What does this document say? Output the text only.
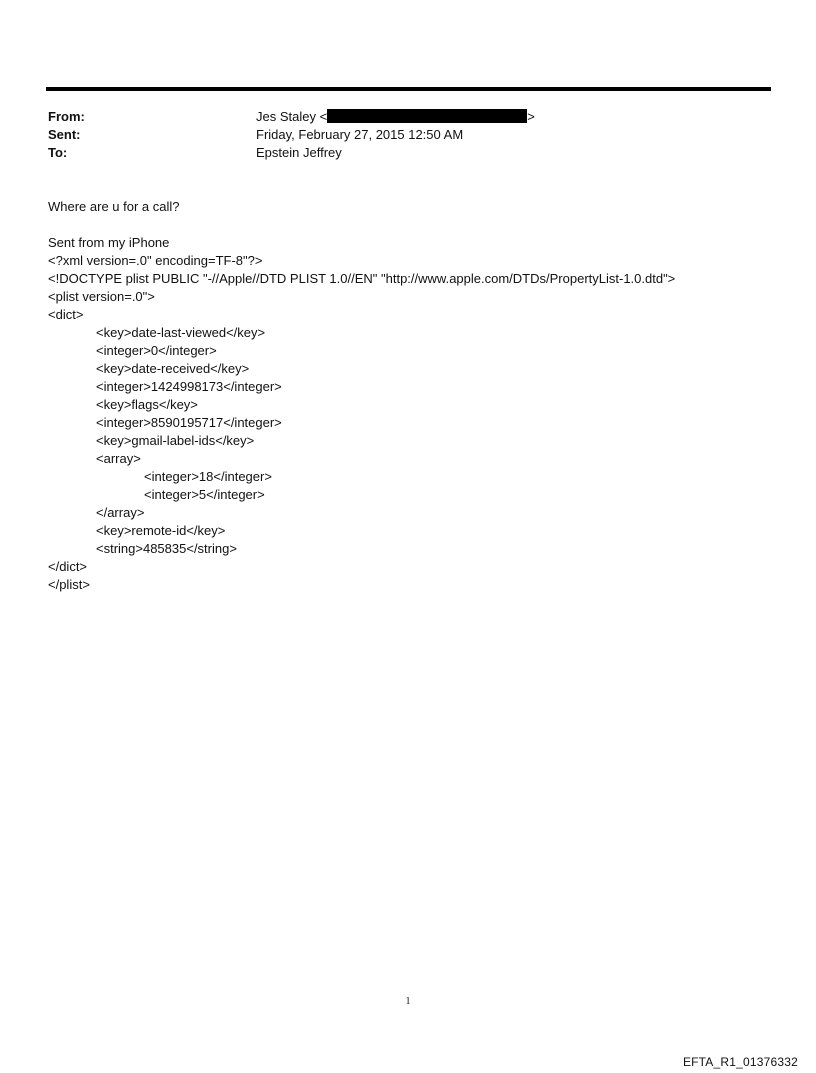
From:	Jes Staley <	>
Sent:	Friday, February 27, 2015 12:50 AM
To:	Epstein Jeffrey
Where are u for a call?
Sent from my iPhone
<?xml version=.0" encoding=TF-8"?>
<!DOCTYPE plist PUBLIC "-//Apple//DTD PLIST 1.0//EN" "http://www.apple.com/DTDs/PropertyList-1.0.dtd">
<plist version=.0">
<dict>
<key>date-last-viewed</key>
<integer>0</integer>
<key>date-received</key>
<integer>1424998173</integer>
<key>flags</key>
<integer>8590195717</integer>
<key>gmail-label-ids</key>
<array>
<integer>18</integer>
<integer>5</integer>
</array>
<key>remote-id</key>
<string>485835</string>
</dict>
</plist>
1
EFTA_R1_01376332
